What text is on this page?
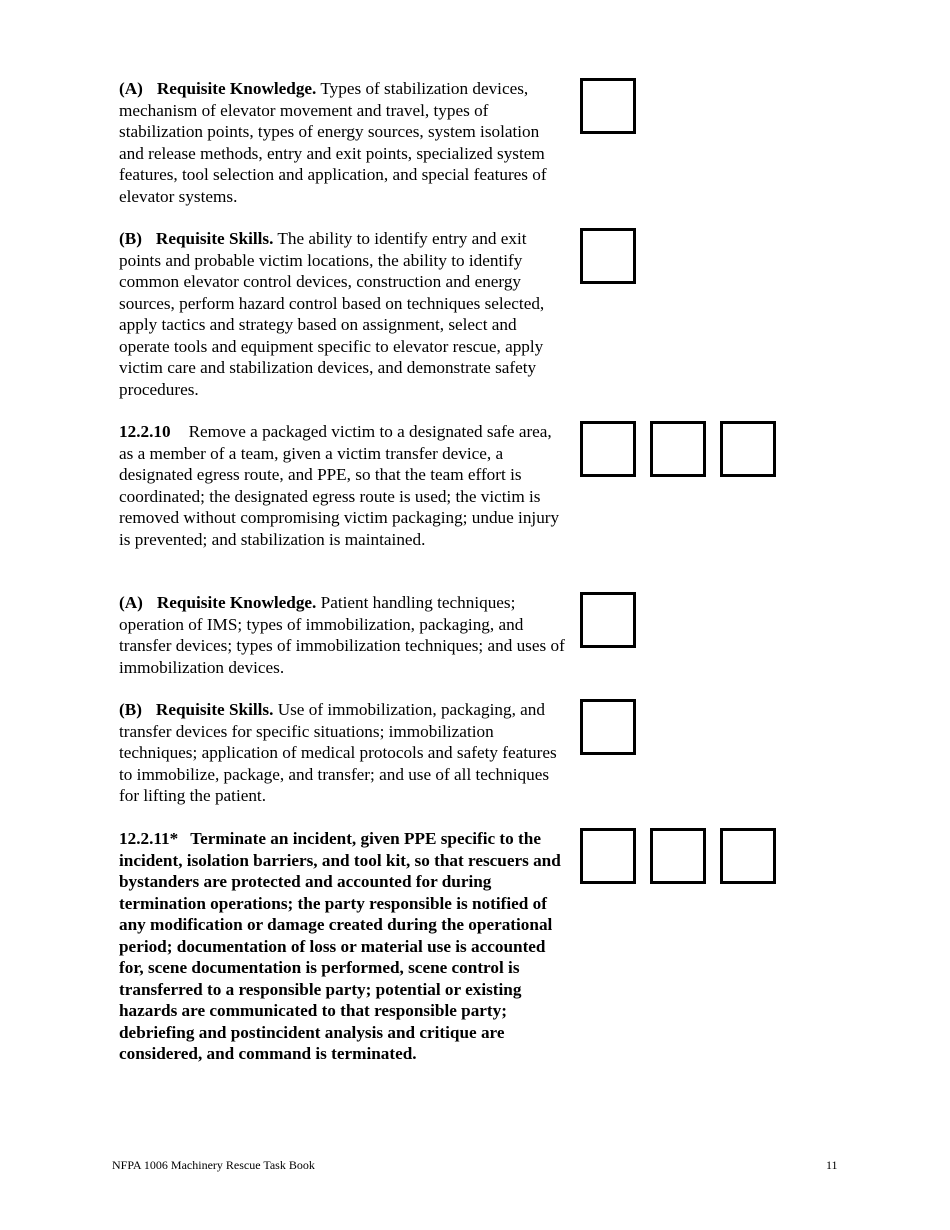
(A) Requisite Knowledge. Types of stabilization devices, mechanism of elevator movement and travel, types of stabilization points, types of energy sources, system isolation and release methods, entry and exit points, specialized system features, tool selection and application, and special features of elevator systems.

(B) Requisite Skills. The ability to identify entry and exit points and probable victim locations, the ability to identify common elevator control devices, construction and energy sources, perform hazard control based on techniques selected, apply tactics and strategy based on assignment, select and operate tools and equipment specific to elevator rescue, apply victim care and stabilization devices, and demonstrate safety procedures.

12.2.10 Remove a packaged victim to a designated safe area, as a member of a team, given a victim transfer device, a designated egress route, and PPE, so that the team effort is coordinated; the designated egress route is used; the victim is removed without compromising victim packaging; undue injury is prevented; and stabilization is maintained.

(A) Requisite Knowledge. Patient handling techniques; operation of IMS; types of immobilization, packaging, and transfer devices; types of immobilization techniques; and uses of immobilization devices.

(B) Requisite Skills. Use of immobilization, packaging, and transfer devices for specific situations; immobilization techniques; application of medical protocols and safety features to immobilize, package, and transfer; and use of all techniques for lifting the patient.

12.2.11* Terminate an incident, given PPE specific to the incident, isolation barriers, and tool kit, so that rescuers and bystanders are protected and accounted for during termination operations; the party responsible is notified of any modification or damage created during the operational period; documentation of loss or material use is accounted for, scene documentation is performed, scene control is transferred to a responsible party; potential or existing hazards are communicated to that responsible party; debriefing and postincident analysis and critique are considered, and command is terminated.

NFPA 1006 Machinery Rescue Task Book	11
